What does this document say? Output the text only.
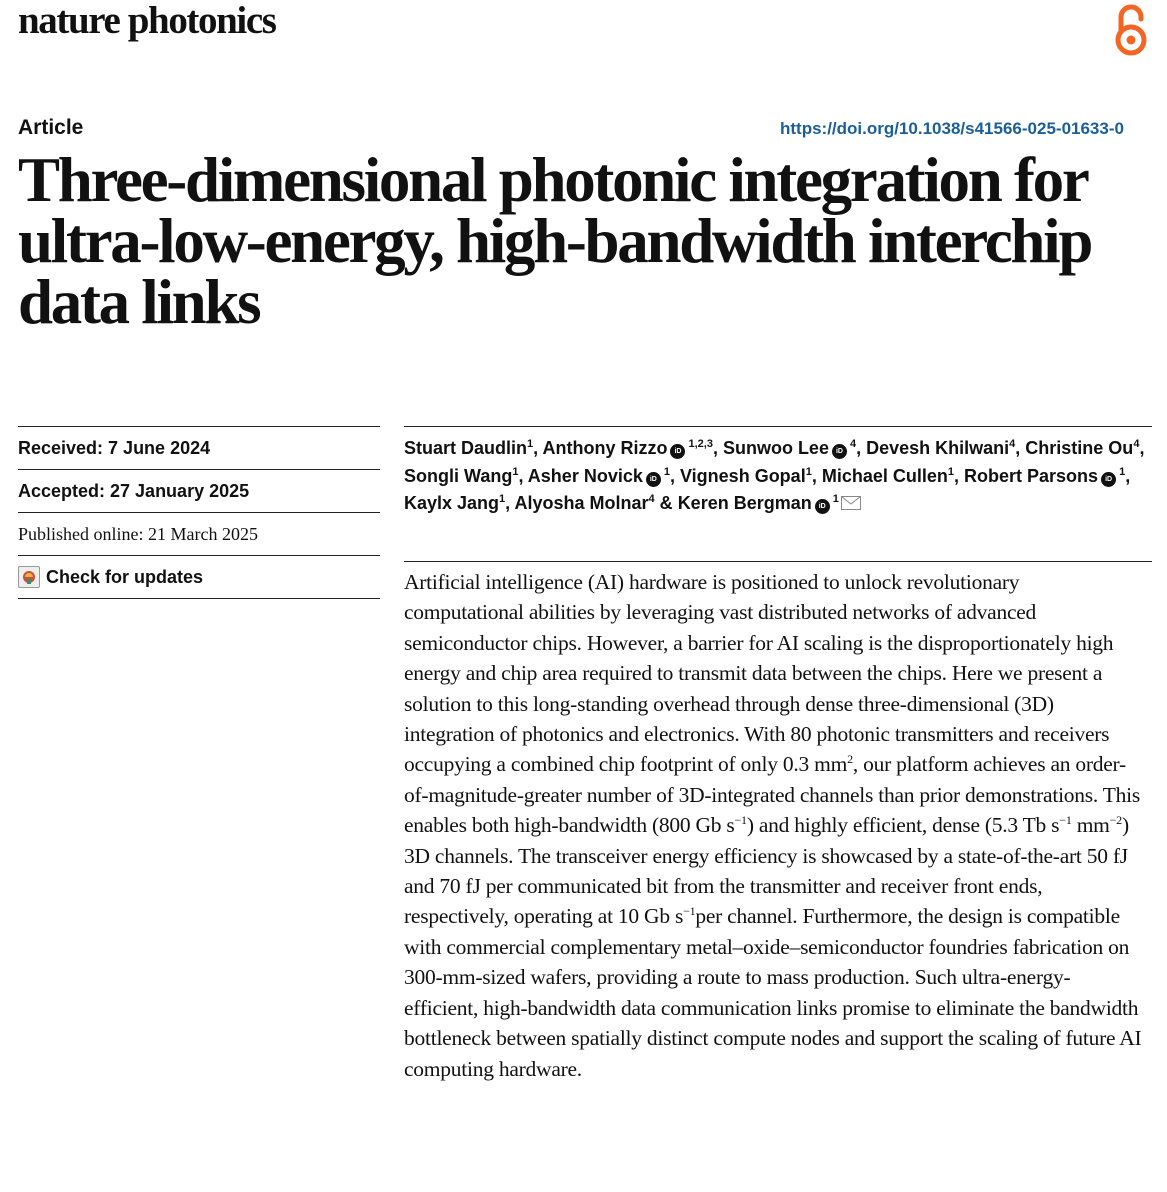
nature photonics
Article	https://doi.org/10.1038/s41566-025-01633-0
Three-dimensional photonic integration for ultra-low-energy, high-bandwidth interchip data links
Received: 7 June 2024
Accepted: 27 January 2025
Published online: 21 March 2025
Check for updates
Stuart Daudlin$^1$, Anthony Rizzo iD$^{1,2,3}$, Sunwoo Lee $iD^4$, Devesh Khilwani$^4$, Christine Ou$^4$, Songli Wang$^1$, Asher Novick $iD^1$, Vignesh Gopal$^1$, Michael Cullen$^1$, Robert Parsons $iD^1$, Kaylx Jang$^1$, Alyosha Molnar$^4$ & Keren Bergman $iD^1$

Artificial intelligence (AI) hardware is positioned to unlock revolutionary computational abilities by leveraging vast distributed networks of advanced semiconductor chips. However, a barrier for AI scaling is the disproportionately high energy and chip area required to transmit data between the chips. Here we present a solution to this long-standing overhead through dense three-dimensional (3D) integration of photonics and electronics. With 80 photonic transmitters and receivers occupying a combined chip footprint of only 0.3 $mm^2$, our platform achieves an order-of-magnitude-greater number of 3D-integrated channels than prior demonstrations. This enables both high-bandwidth (800 Gb $s^{-1}$) and highly efficient, dense (5.3 Tb $s^{-1}$ $mm^{-2}$) 3D channels. The transceiver energy efficiency is showcased by a state-of-the-art 50 fJ and 70 fJ per communicated bit from the transmitter and receiver front ends, respectively, operating at 10 Gb $s^{-1}per$ channel. Furthermore, the design is compatible with commercial complementary metal–oxide–semiconductor foundries fabrication on 300-mm-sized wafers, providing a route to mass production. Such ultra-energy-efficient, high-bandwidth data communication links promise to eliminate the bandwidth bottleneck between spatially distinct compute nodes and support the scaling of future AI computing hardware.
